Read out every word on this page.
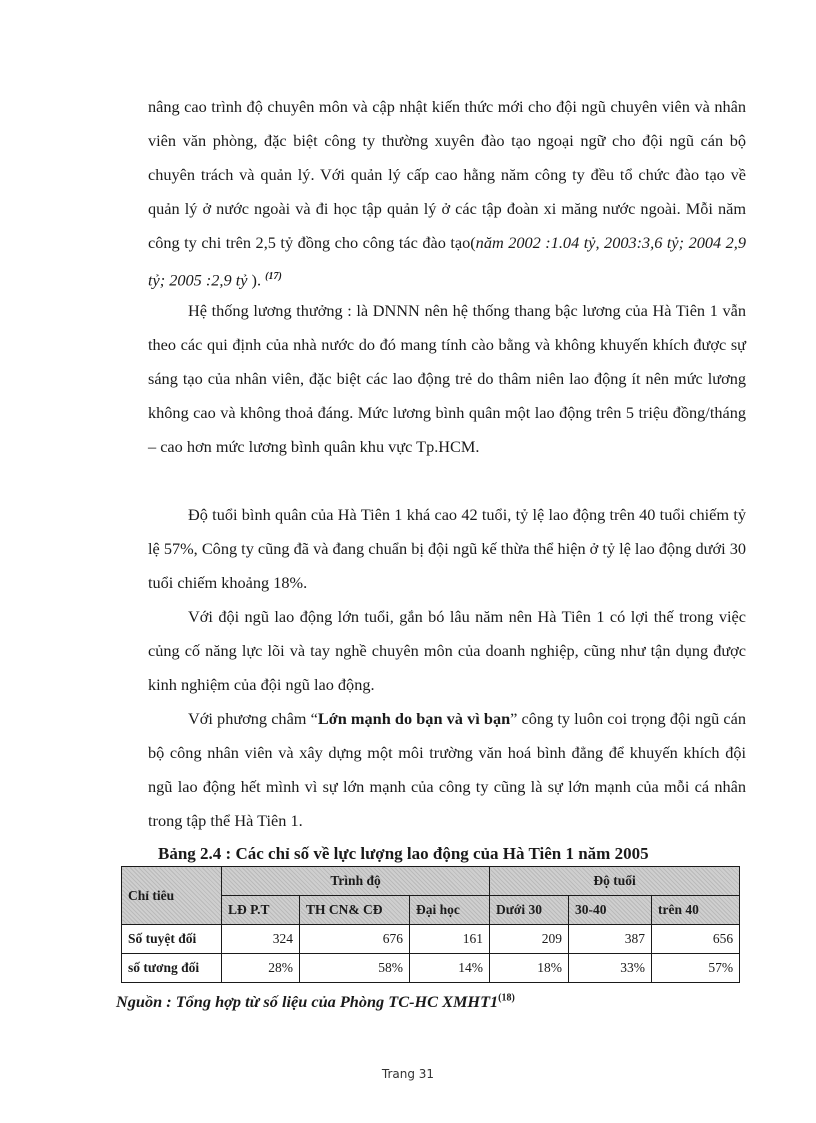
nâng cao trình độ chuyên môn và cập nhật kiến thức mới cho đội ngũ chuyên viên và nhân viên văn phòng, đặc biệt công ty thường xuyên đào tạo ngoại ngữ cho đội ngũ cán bộ chuyên trách và quản lý. Với quản lý cấp cao hằng năm công ty đều tổ chức đào tạo về quản lý ở nước ngoài và đi học tập quản lý ở các tập đoàn xi măng nước ngoài. Mỗi năm công ty chi trên 2,5 tỷ đồng cho công tác đào tạo(năm 2002 :1.04 tỷ, 2003:3,6 tỷ; 2004 2,9 tỷ; 2005 :2,9 tỷ ). $^{(17)}$

Hệ thống lương thưởng : là DNNN nên hệ thống thang bậc lương của Hà Tiên 1 vẫn theo các qui định của nhà nước do đó mang tính cào bằng và không khuyến khích được sự sáng tạo của nhân viên, đặc biệt các lao động trẻ do thâm niên lao động ít nên mức lương không cao và không thoả đáng. Mức lương bình quân một lao động trên 5 triệu đồng/tháng – cao hơn mức lương bình quân khu vực Tp.HCM.

Độ tuổi bình quân của Hà Tiên 1 khá cao 42 tuổi, tỷ lệ lao động trên 40 tuổi chiếm tỷ lệ 57%, Công ty cũng đã và đang chuẩn bị đội ngũ kế thừa thể hiện ở tỷ lệ lao động dưới 30 tuổi chiếm khoảng 18%.

Với đội ngũ lao động lớn tuổi, gắn bó lâu năm nên Hà Tiên 1 có lợi thế trong việc củng cố năng lực lõi và tay nghề chuyên môn của doanh nghiệp, cũng như tận dụng được kinh nghiệm của đội ngũ lao động.

Với phương châm “Lớn mạnh do bạn và vì bạn” công ty luôn coi trọng đội ngũ cán bộ công nhân viên và xây dựng một môi trường văn hoá bình đẳng để khuyến khích đội ngũ lao động hết mình vì sự lớn mạnh của công ty cũng là sự lớn mạnh của mỗi cá nhân trong tập thể Hà Tiên 1.

Bảng 2.4 : Các chỉ số về lực lượng lao động của Hà Tiên 1 năm 2005
Chỉ tiêu	Trình độ			Độ tuổi		
	LĐ P.T	TH CN& CĐ	Đại học	Dưới 30	30-40	trên 40
Số tuyệt đối	324	676	161	209	387	656
số tương đối	28%	58%	14%	18%	33%	57%
Nguồn : Tổng hợp từ số liệu của Phòng TC-HC XMHT1$^{(18)}$
Trang 31
